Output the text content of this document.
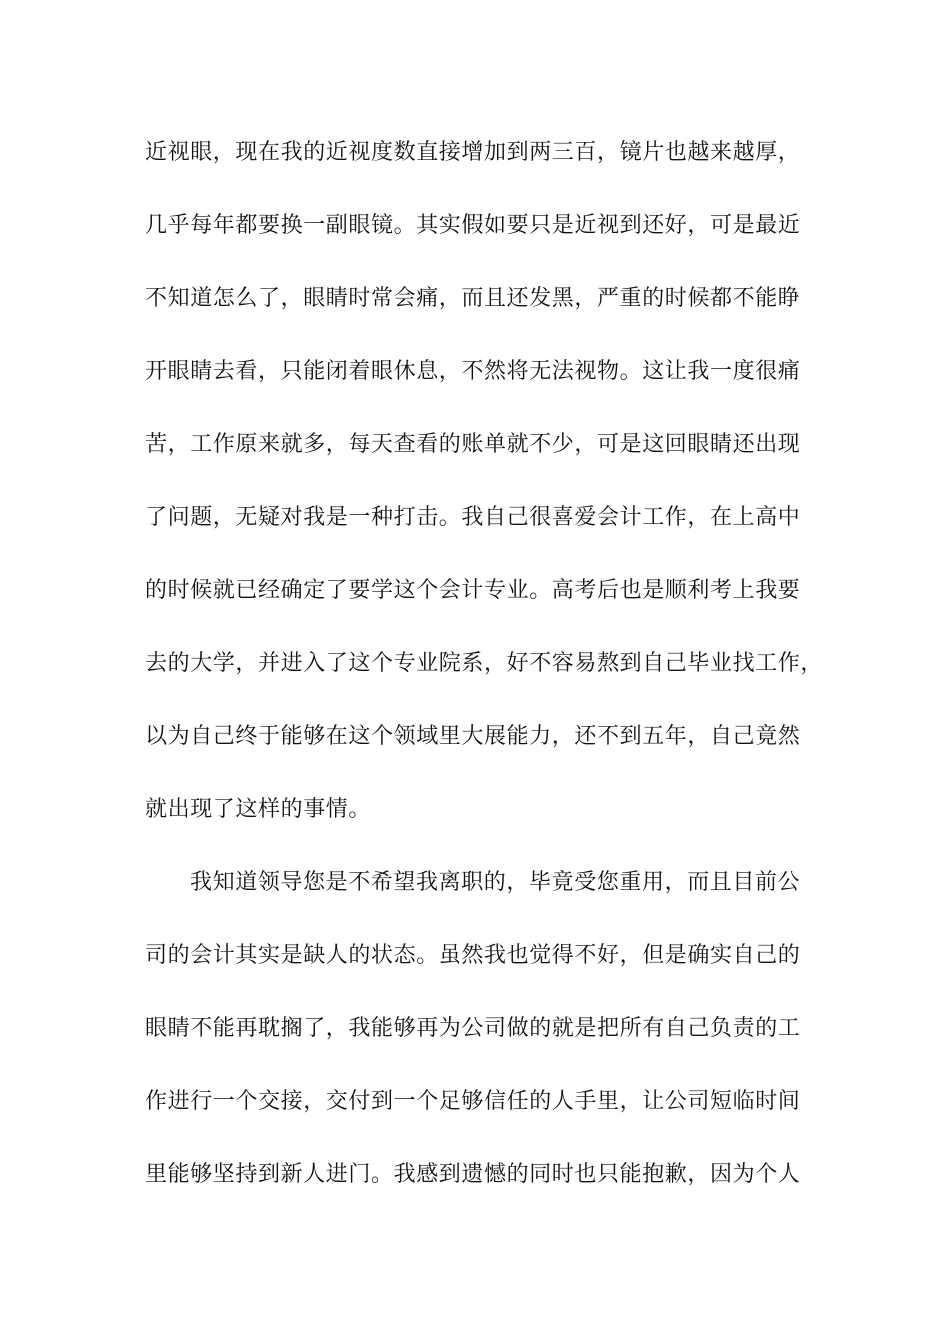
近视眼，现在我的近视度数直接增加到两三百，镜片也越来越厚，
几乎每年都要换一副眼镜。其实假如要只是近视到还好，可是最近
不知道怎么了，眼睛时常会痛，而且还发黑，严重的时候都不能睁
开眼睛去看，只能闭着眼休息，不然将无法视物。这让我一度很痛
苦，工作原来就多，每天查看的账单就不少，可是这回眼睛还出现
了问题，无疑对我是一种打击。我自己很喜爱会计工作，在上高中
的时候就已经确定了要学这个会计专业。高考后也是顺利考上我要
去的大学，并进入了这个专业院系，好不容易熬到自己毕业找工作，
以为自己终于能够在这个领域里大展能力，还不到五年，自己竟然
就出现了这样的事情。
我知道领导您是不希望我离职的，毕竟受您重用，而且目前公
司的会计其实是缺人的状态。虽然我也觉得不好，但是确实自己的
眼睛不能再耽搁了，我能够再为公司做的就是把所有自己负责的工
作进行一个交接，交付到一个足够信任的人手里，让公司短临时间
里能够坚持到新人进门。我感到遗憾的同时也只能抱歉，因为个人
